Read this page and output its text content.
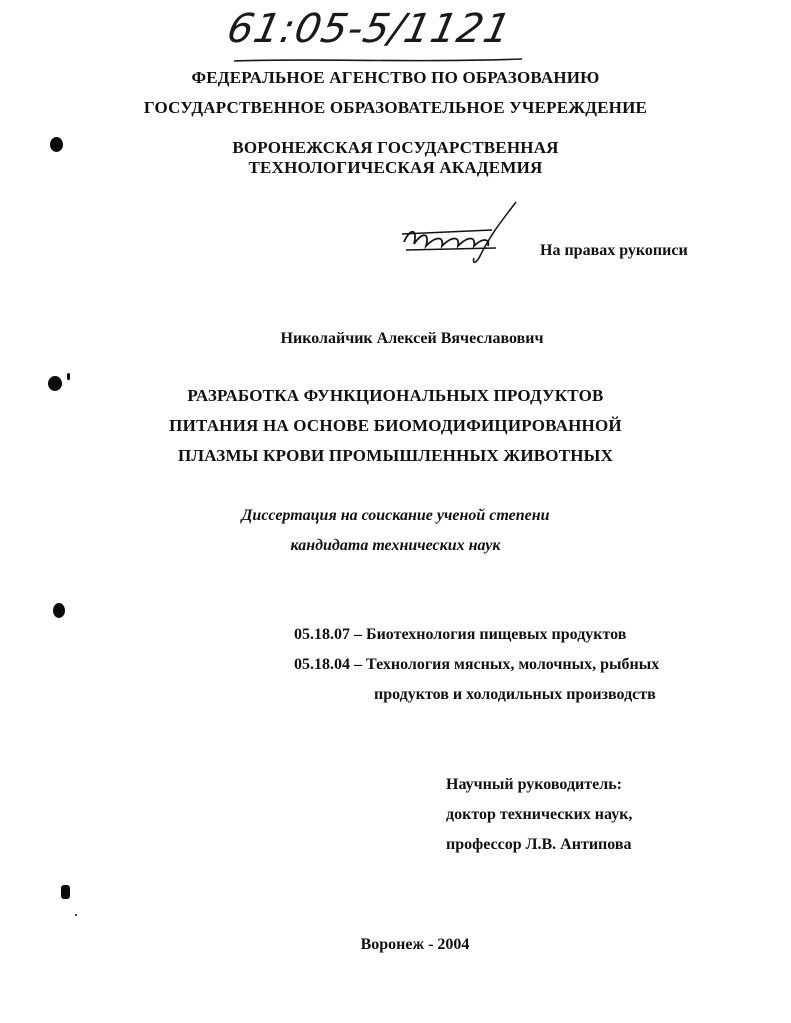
61:05-5/1121
ФЕДЕРАЛЬНОЕ АГЕНСТВО ПО ОБРАЗОВАНИЮ
ГОСУДАРСТВЕННОЕ ОБРАЗОВАТЕЛЬНОЕ УЧЕРЕЖДЕНИЕ
ВОРОНЕЖСКАЯ ГОСУДАРСТВЕННАЯ
ТЕХНОЛОГИЧЕСКАЯ АКАДЕМИЯ
На правах рукописи
Николайчик Алексей Вячеславович
РАЗРАБОТКА ФУНКЦИОНАЛЬНЫХ ПРОДУКТОВ
ПИТАНИЯ НА ОСНОВЕ БИОМОДИФИЦИРОВАННОЙ
ПЛАЗМЫ КРОВИ ПРОМЫШЛЕННЫХ ЖИВОТНЫХ
Диссертация на соискание ученой степени
кандидата технических наук
05.18.07 – Биотехнология пищевых продуктов
05.18.04 – Технология мясных, молочных, рыбных
продуктов и холодильных производств
Научный руководитель:
доктор технических наук,
профессор Л.В. Антипова
Воронеж - 2004
